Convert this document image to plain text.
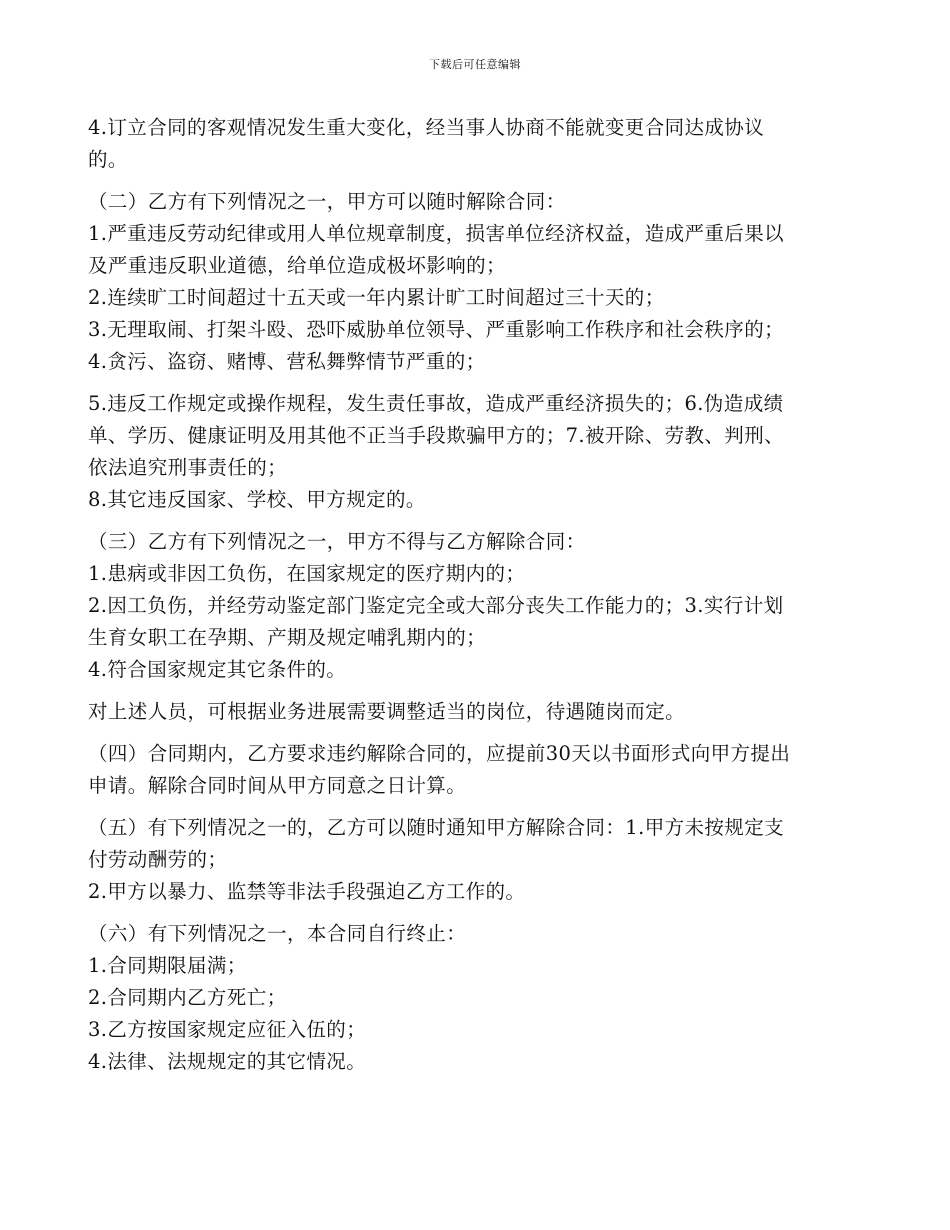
下载后可任意编辑

4.订立合同的客观情况发生重大变化，经当事人协商不能就变更合同达成协议

的。

（二）乙方有下列情况之一，甲方可以随时解除合同：

1.严重违反劳动纪律或用人单位规章制度，损害单位经济权益，造成严重后果以

及严重违反职业道德，给单位造成极坏影响的；

2.连续旷工时间超过十五天或一年内累计旷工时间超过三十天的；

3.无理取闹、打架斗殴、恐吓威胁单位领导、严重影响工作秩序和社会秩序的；

4.贪污、盗窃、赌博、营私舞弊情节严重的；

5.违反工作规定或操作规程，发生责任事故，造成严重经济损失的；6.伪造成绩

单、学历、健康证明及用其他不正当手段欺骗甲方的；7.被开除、劳教、判刑、

依法追究刑事责任的；

8.其它违反国家、学校、甲方规定的。

（三）乙方有下列情况之一，甲方不得与乙方解除合同：

1.患病或非因工负伤，在国家规定的医疗期内的；

2.因工负伤，并经劳动鉴定部门鉴定完全或大部分丧失工作能力的；3.实行计划

生育女职工在孕期、产期及规定哺乳期内的；

4.符合国家规定其它条件的。

对上述人员，可根据业务进展需要调整适当的岗位，待遇随岗而定。

（四）合同期内，乙方要求违约解除合同的，应提前30天以书面形式向甲方提出

申请。解除合同时间从甲方同意之日计算。

（五）有下列情况之一的，乙方可以随时通知甲方解除合同：1.甲方未按规定支

付劳动酬劳的；

2.甲方以暴力、监禁等非法手段强迫乙方工作的。

（六）有下列情况之一，本合同自行终止：

1.合同期限届满；

2.合同期内乙方死亡；

3.乙方按国家规定应征入伍的；

4.法律、法规规定的其它情况。
